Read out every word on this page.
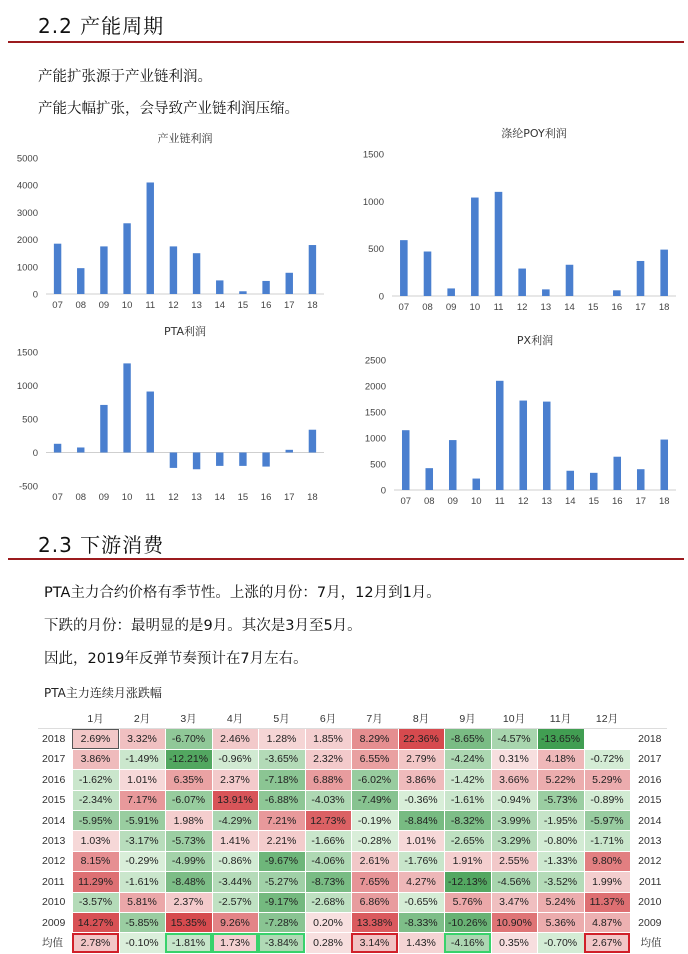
2.2 产能周期
产能扩张源于产业链利润。
产能大幅扩张，会导致产业链利润压缩。
产业链利润
0
1000
2000
3000
4000
5000
07 08 09 10 11 12 13 14 15 16 17 18
涤纶POY利润
0
500
1000
1500
07 08 09 10 11 12 13 14 15 16 17 18
PTA利润
-500
0
500
1000
1500
07 08 09 10 11 12 13 14 15 16 17 18
PX利润
0
500
1000
1500
2000
2500
07 08 09 10 11 12 13 14 15 16 17 18
2.3 下游消费
PTA主力合约价格有季节性。上涨的月份：7月，12月到1月。
下跌的月份：最明显的是9月。其次是3月至5月。
因此，2019年反弹节奏预计在7月左右。
PTA主力连续月涨跌幅
	1月	2月	3月	4月	5月	6月	7月	8月	9月	10月	11月	12月	
2018	2.69%	3.32%	-6.70%	2.46%	1.28%	1.85%	8.29%	22.36%	-8.65%	-4.57%	-13.65%		2018
2017	3.86%	-1.49%	-12.21%	-0.96%	-3.65%	2.32%	6.55%	2.79%	-4.24%	0.31%	4.18%	-0.72%	2017
2016	-1.62%	1.01%	6.35%	2.37%	-7.18%	6.88%	-6.02%	3.86%	-1.42%	3.66%	5.22%	5.29%	2016
2015	-2.34%	7.17%	-6.07%	13.91%	-6.88%	-4.03%	-7.49%	-0.36%	-1.61%	-0.94%	-5.73%	-0.89%	2015
2014	-5.95%	-5.91%	1.98%	-4.29%	7.21%	12.73%	-0.19%	-8.84%	-8.32%	-3.99%	-1.95%	-5.97%	2014
2013	1.03%	-3.17%	-5.73%	1.41%	2.21%	-1.66%	-0.28%	1.01%	-2.65%	-3.29%	-0.80%	-1.71%	2013
2012	8.15%	-0.29%	-4.99%	-0.86%	-9.67%	-4.06%	2.61%	-1.76%	1.91%	2.55%	-1.33%	9.80%	2012
2011	11.29%	-1.61%	-8.48%	-3.44%	-5.27%	-8.73%	7.65%	4.27%	-12.13%	-4.56%	-3.52%	1.99%	2011
2010	-3.57%	5.81%	2.37%	-2.57%	-9.17%	-2.68%	6.86%	-0.65%	5.76%	3.47%	5.24%	11.37%	2010
2009	14.27%	-5.85%	15.35%	9.26%	-7.28%	0.20%	13.38%	-8.33%	-10.26%	10.90%	5.36%	4.87%	2009
均值	2.78%	-0.10%	-1.81%	1.73%	-3.84%	0.28%	3.14%	1.43%	-4.16%	0.35%	-0.70%	2.67%	均值
